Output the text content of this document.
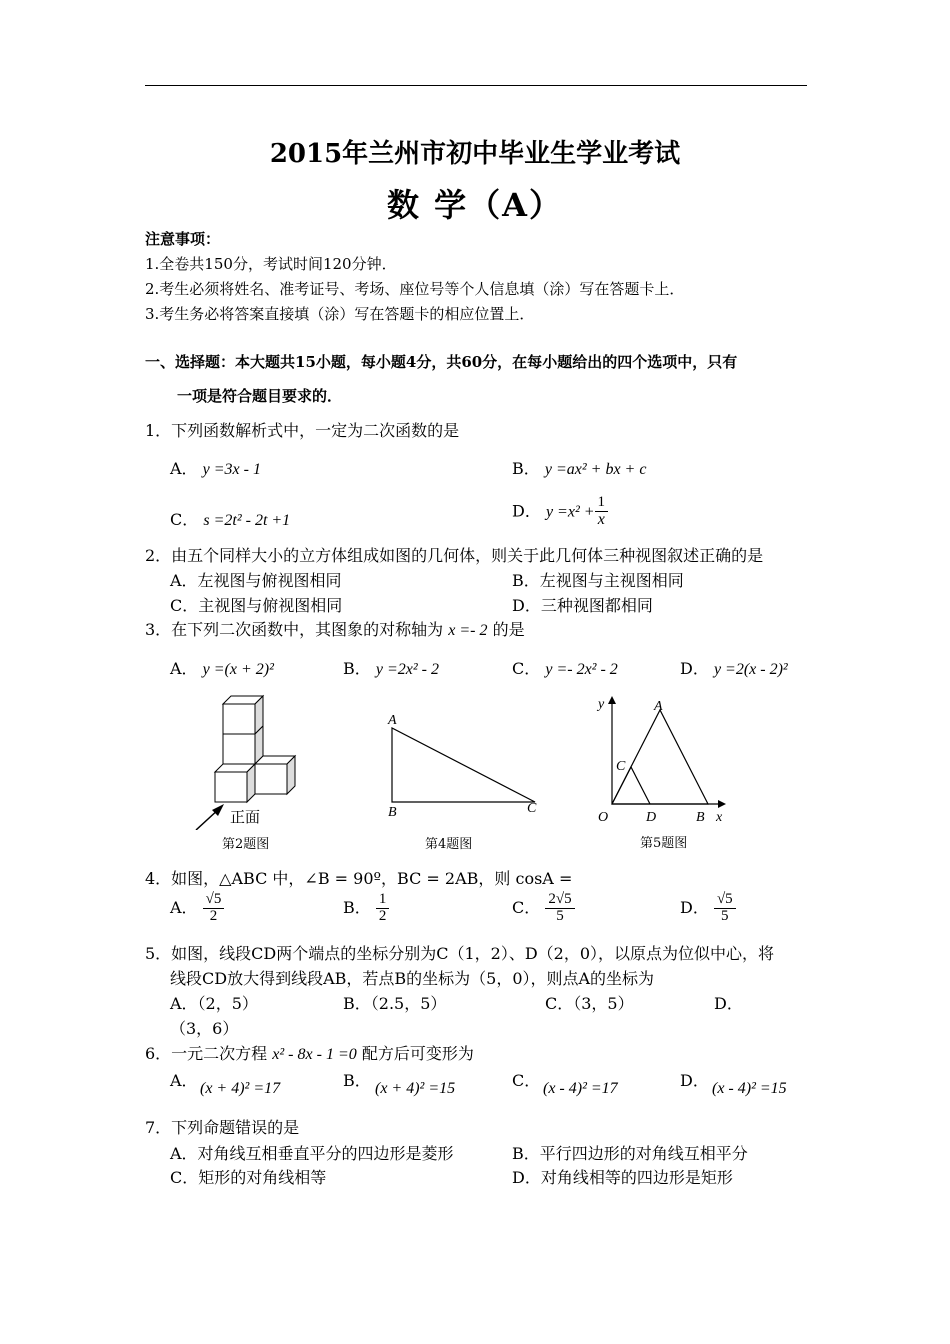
2015年兰州市初中毕业生学业考试
数 学（A）
注意事项：
1.全卷共150分，考试时间120分钟．
2.考生必须将姓名、准考证号、考场、座位号等个人信息填（涂）写在答题卡上．
3.考生务必将答案直接填（涂）写在答题卡的相应位置上．
一、选择题：本大题共15小题，每小题4分，共60分，在每小题给出的四个选项中，只有
一项是符合题目要求的．
1．下列函数解析式中，一定为二次函数的是
A． y =3x - 1	B． y =ax² + bx + c
C． s =2t² - 2t +1
D． $y =x^2 + \frac{1}{x}$
2．由五个同样大小的立方体组成如图的几何体，则关于此几何体三种视图叙述正确的是
A．左视图与俯视图相同	B．左视图与主视图相同
C．主视图与俯视图相同	D．三种视图都相同
3．在下列二次函数中，其图象的对称轴为 x =- 2 的是
A． y =(x + 2)²	B． y =2x² - 2	C． y =- 2x² - 2	D． y =2(x - 2)²
正面
第2题图
A
B	C
第4题图
y	A
C
O	D	B x
第5题图
4．如图，△ABC 中，∠B = 90º，BC = 2AB，则 cosA =
A． $\frac{√5}{2}$	B． $\frac{1}{2}$	C． $\frac{2√5}{5}$	D． $\frac{√5}{5}$
5．如图，线段CD两个端点的坐标分别为C（1，2）、D（2，0），以原点为位似中心，将
线段CD放大得到线段AB，若点B的坐标为（5，0），则点A的坐标为
A．（2，5）	B．（2.5，5）	C．（3，5）	D．
（3，6）
6．一元二次方程 x² - 8x - 1 =0 配方后可变形为
A． (x + 4)² =17	B． (x + 4)² =15	C． (x - 4)² =17	D． (x - 4)² =15
7．下列命题错误的是
A．对角线互相垂直平分的四边形是菱形	B．平行四边形的对角线互相平分
C．矩形的对角线相等	D．对角线相等的四边形是矩形
